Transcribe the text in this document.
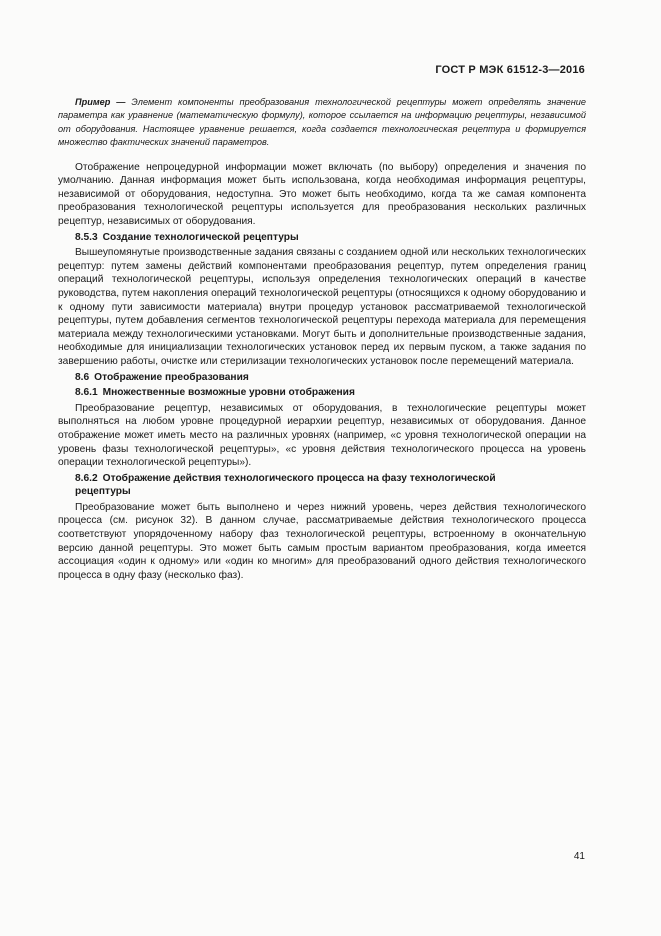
ГОСТ Р МЭК 61512-3—2016
Пример — Элемент компоненты преобразования технологической рецептуры может определять значение параметра как уравнение (математическую формулу), которое ссылается на информацию рецептуры, независимой от оборудования. Настоящее уравнение решается, когда создается технологическая рецептура и формируется множество фактических значений параметров.

Отображение непроцедурной информации может включать (по выбору) определения и значения по умолчанию. Данная информация может быть использована, когда необходимая информация рецептуры, независимой от оборудования, недоступна. Это может быть необходимо, когда та же самая компонента преобразования технологической рецептуры используется для преобразования нескольких различных рецептур, независимых от оборудования.

8.5.3 Создание технологической рецептуры

Вышеупомянутые производственные задания связаны с созданием одной или нескольких технологических рецептур: путем замены действий компонентами преобразования рецептур, путем определения границ операций технологической рецептуры, используя определения технологических операций в качестве руководства, путем накопления операций технологической рецептуры (относящихся к одному оборудованию и к одному пути зависимости материала) внутри процедур установок рассматриваемой технологической рецептуры, путем добавления сегментов технологической рецептуры перехода материала для перемещения материала между технологическими установками. Могут быть и дополнительные производственные задания, необходимые для инициализации технологических установок перед их первым пуском, а также задания по завершению работы, очистке или стерилизации технологических установок после перемещений материала.

8.6 Отображение преобразования
8.6.1 Множественные возможные уровни отображения

Преобразование рецептур, независимых от оборудования, в технологические рецептуры может выполняться на любом уровне процедурной иерархии рецептур, независимых от оборудования. Данное отображение может иметь место на различных уровнях (например, «с уровня технологической операции на уровень фазы технологической рецептуры», «с уровня действия технологического процесса на уровень операции технологической рецептуры»).

8.6.2 Отображение действия технологического процесса на фазу технологической
рецептуры

Преобразование может быть выполнено и через нижний уровень, через действия технологического процесса (см. рисунок 32). В данном случае, рассматриваемые действия технологического процесса соответствуют упорядоченному набору фаз технологической рецептуры, встроенному в окончательную версию данной рецептуры. Это может быть самым простым вариантом преобразования, когда имеется ассоциация «один к одному» или «один ко многим» для преобразований одного действия технологического процесса в одну фазу (несколько фаз).

41
